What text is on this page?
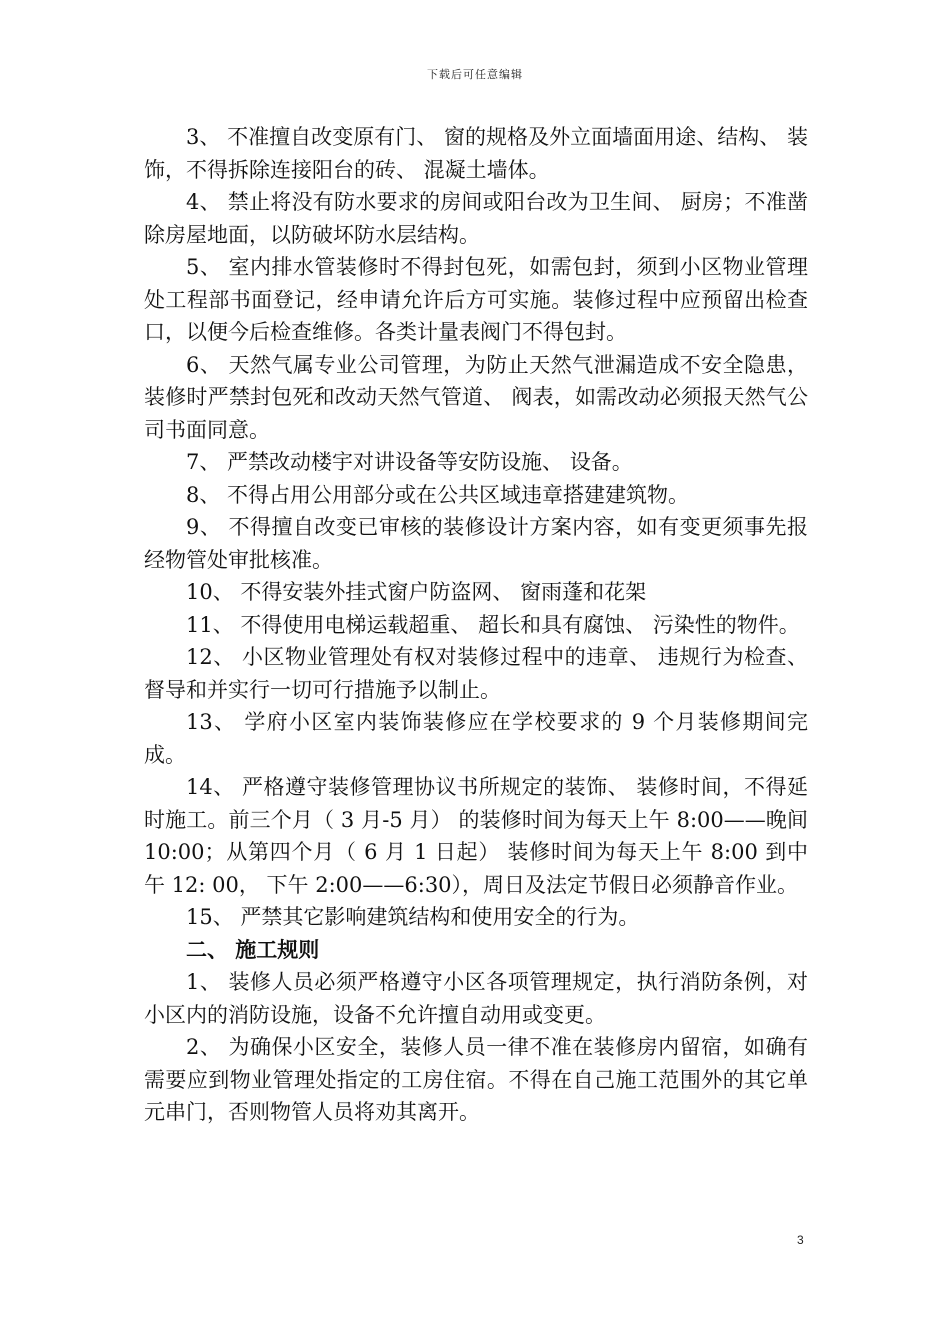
下载后可任意编辑

3、 不准擅自改变原有门、 窗的规格及外立面墙面用途、结构、 装饰，不得拆除连接阳台的砖、 混凝土墙体。

4、 禁止将没有防水要求的房间或阳台改为卫生间、 厨房；不准凿除房屋地面，以防破坏防水层结构。

5、 室内排水管装修时不得封包死，如需包封，须到小区物业管理处工程部书面登记，经申请允许后方可实施。装修过程中应预留出检查口，以便今后检查维修。各类计量表阀门不得包封。

6、 天然气属专业公司管理，为防止天然气泄漏造成不安全隐患，装修时严禁封包死和改动天然气管道、 阀表，如需改动必须报天然气公司书面同意。

7、 严禁改动楼宇对讲设备等安防设施、 设备。

8、 不得占用公用部分或在公共区域违章搭建建筑物。

9、 不得擅自改变已审核的装修设计方案内容，如有变更须事先报经物管处审批核准。

10、 不得安装外挂式窗户防盗网、 窗雨蓬和花架

11、 不得使用电梯运载超重、 超长和具有腐蚀、 污染性的物件。

12、 小区物业管理处有权对装修过程中的违章、 违规行为检查、 督导和并实行一切可行措施予以制止。

13、 学府小区室内装饰装修应在学校要求的 9 个月装修期间完成。

14、 严格遵守装修管理协议书所规定的装饰、 装修时间，不得延时施工。前三个月（ 3 月-5 月） 的装修时间为每天上午 8:00——晚间 10:00；从第四个月（ 6 月 1 日起） 装修时间为每天上午 8:00 到中午 12: 00， 下午 2:00——6:30），周日及法定节假日必须静音作业。

15、 严禁其它影响建筑结构和使用安全的行为。

二、 施工规则

1、 装修人员必须严格遵守小区各项管理规定，执行消防条例，对小区内的消防设施，设备不允许擅自动用或变更。

2、 为确保小区安全，装修人员一律不准在装修房内留宿，如确有需要应到物业管理处指定的工房住宿。不得在自己施工范围外的其它单元串门，否则物管人员将劝其离开。

3
